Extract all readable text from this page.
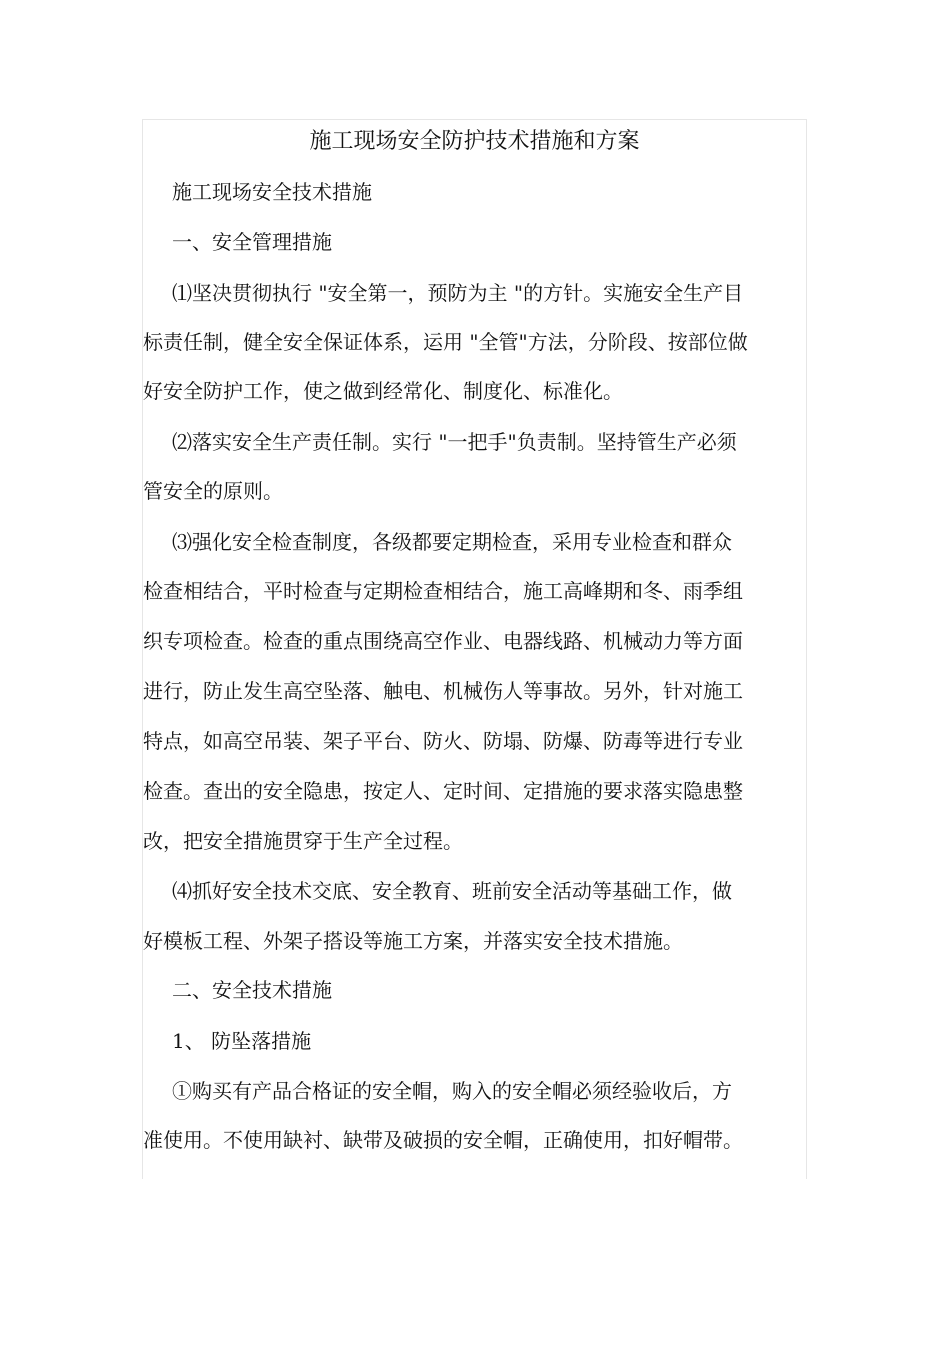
施工现场安全防护技术措施和方案

施工现场安全技术措施

一、安全管理措施

⑴坚决贯彻执行 "安全第一，预防为主 "的方针。实施安全生产目

标责任制，健全安全保证体系，运用 "全管"方法，分阶段、按部位做

好安全防护工作，使之做到经常化、制度化、标准化。

⑵落实安全生产责任制。实行 "一把手"负责制。坚持管生产必须

管安全的原则。

⑶强化安全检查制度，各级都要定期检查，采用专业检查和群众

检查相结合，平时检查与定期检查相结合，施工高峰期和冬、雨季组

织专项检查。检查的重点围绕高空作业、电器线路、机械动力等方面

进行，防止发生高空坠落、触电、机械伤人等事故。另外，针对施工

特点，如高空吊装、架子平台、防火、防塌、防爆、防毒等进行专业

检查。查出的安全隐患，按定人、定时间、定措施的要求落实隐患整

改，把安全措施贯穿于生产全过程。

⑷抓好安全技术交底、安全教育、班前安全活动等基础工作，做

好模板工程、外架子搭设等施工方案，并落实安全技术措施。

二、安全技术措施

1、 防坠落措施

①购买有产品合格证的安全帽，购入的安全帽必须经验收后，方

准使用。不使用缺衬、缺带及破损的安全帽，正确使用，扣好帽带。
